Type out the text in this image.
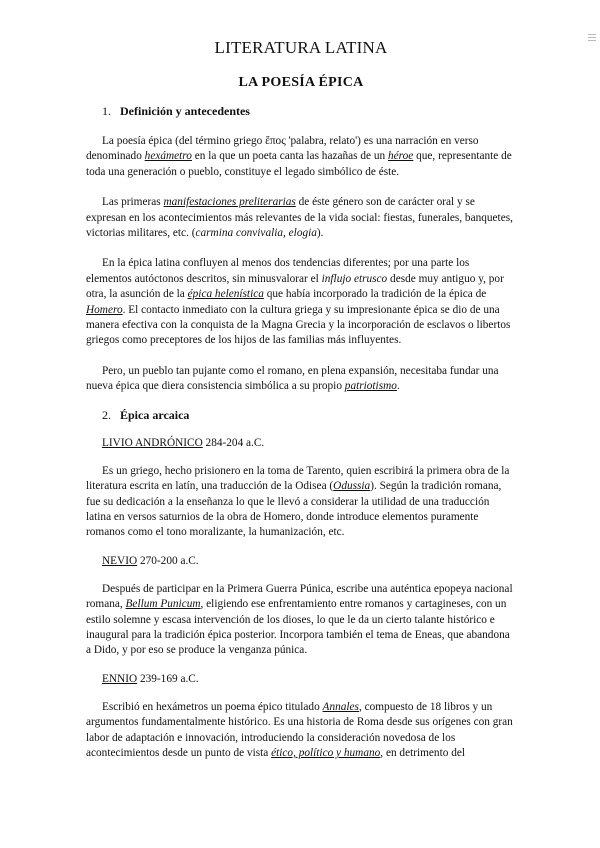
LITERATURA LATINA
LA POESÍA ÉPICA
1. Definición y antecedentes

La poesía épica (del término griego ἔπος 'palabra, relato') es una narración en verso denominado hexámetro en la que un poeta canta las hazañas de un héroe que, representante de toda una generación o pueblo, constituye el legado simbólico de éste.

Las primeras manifestaciones preliterarias de éste género son de carácter oral y se expresan en los acontecimientos más relevantes de la vida social: fiestas, funerales, banquetes, victorias militares, etc. (carmina convivalia, elogia).

En la épica latina confluyen al menos dos tendencias diferentes; por una parte los elementos autóctonos descritos, sin minusvalorar el influjo etrusco desde muy antiguo y, por otra, la asunción de la épica helenística que había incorporado la tradición de la épica de Homero. El contacto inmediato con la cultura griega y su impresionante épica se dio de una manera efectiva con la conquista de la Magna Grecia y la incorporación de esclavos o libertos griegos como preceptores de los hijos de las familias más influyentes.

Pero, un pueblo tan pujante como el romano, en plena expansión, necesitaba fundar una nueva épica que diera consistencia simbólica a su propio patriotismo.

2. Épica arcaica
LIVIO ANDRÓNICO 284-204 a.C.

Es un griego, hecho prisionero en la toma de Tarento, quien escribirá la primera obra de la literatura escrita en latín, una traducción de la Odisea (Odussia). Según la tradición romana, fue su dedicación a la enseñanza lo que le llevó a considerar la utilidad de una traducción latina en versos saturnios de la obra de Homero, donde introduce elementos puramente romanos como el tono moralizante, la humanización, etc.

NEVIO 270-200 a.C.

Después de participar en la Primera Guerra Púnica, escribe una auténtica epopeya nacional romana, Bellum Punicum, eligiendo ese enfrentamiento entre romanos y cartagineses, con un estilo solemne y escasa intervención de los dioses, lo que le da un cierto talante histórico e inaugural para la tradición épica posterior. Incorpora también el tema de Eneas, que abandona a Dido, y por eso se produce la venganza púnica.

ENNIO 239-169 a.C.

Escribió en hexámetros un poema épico titulado Annales, compuesto de 18 libros y un argumentos fundamentalmente histórico. Es una historia de Roma desde sus orígenes con gran labor de adaptación e innovación, introduciendo la consideración novedosa de los acontecimientos desde un punto de vista ético, político y humano, en detrimento del
